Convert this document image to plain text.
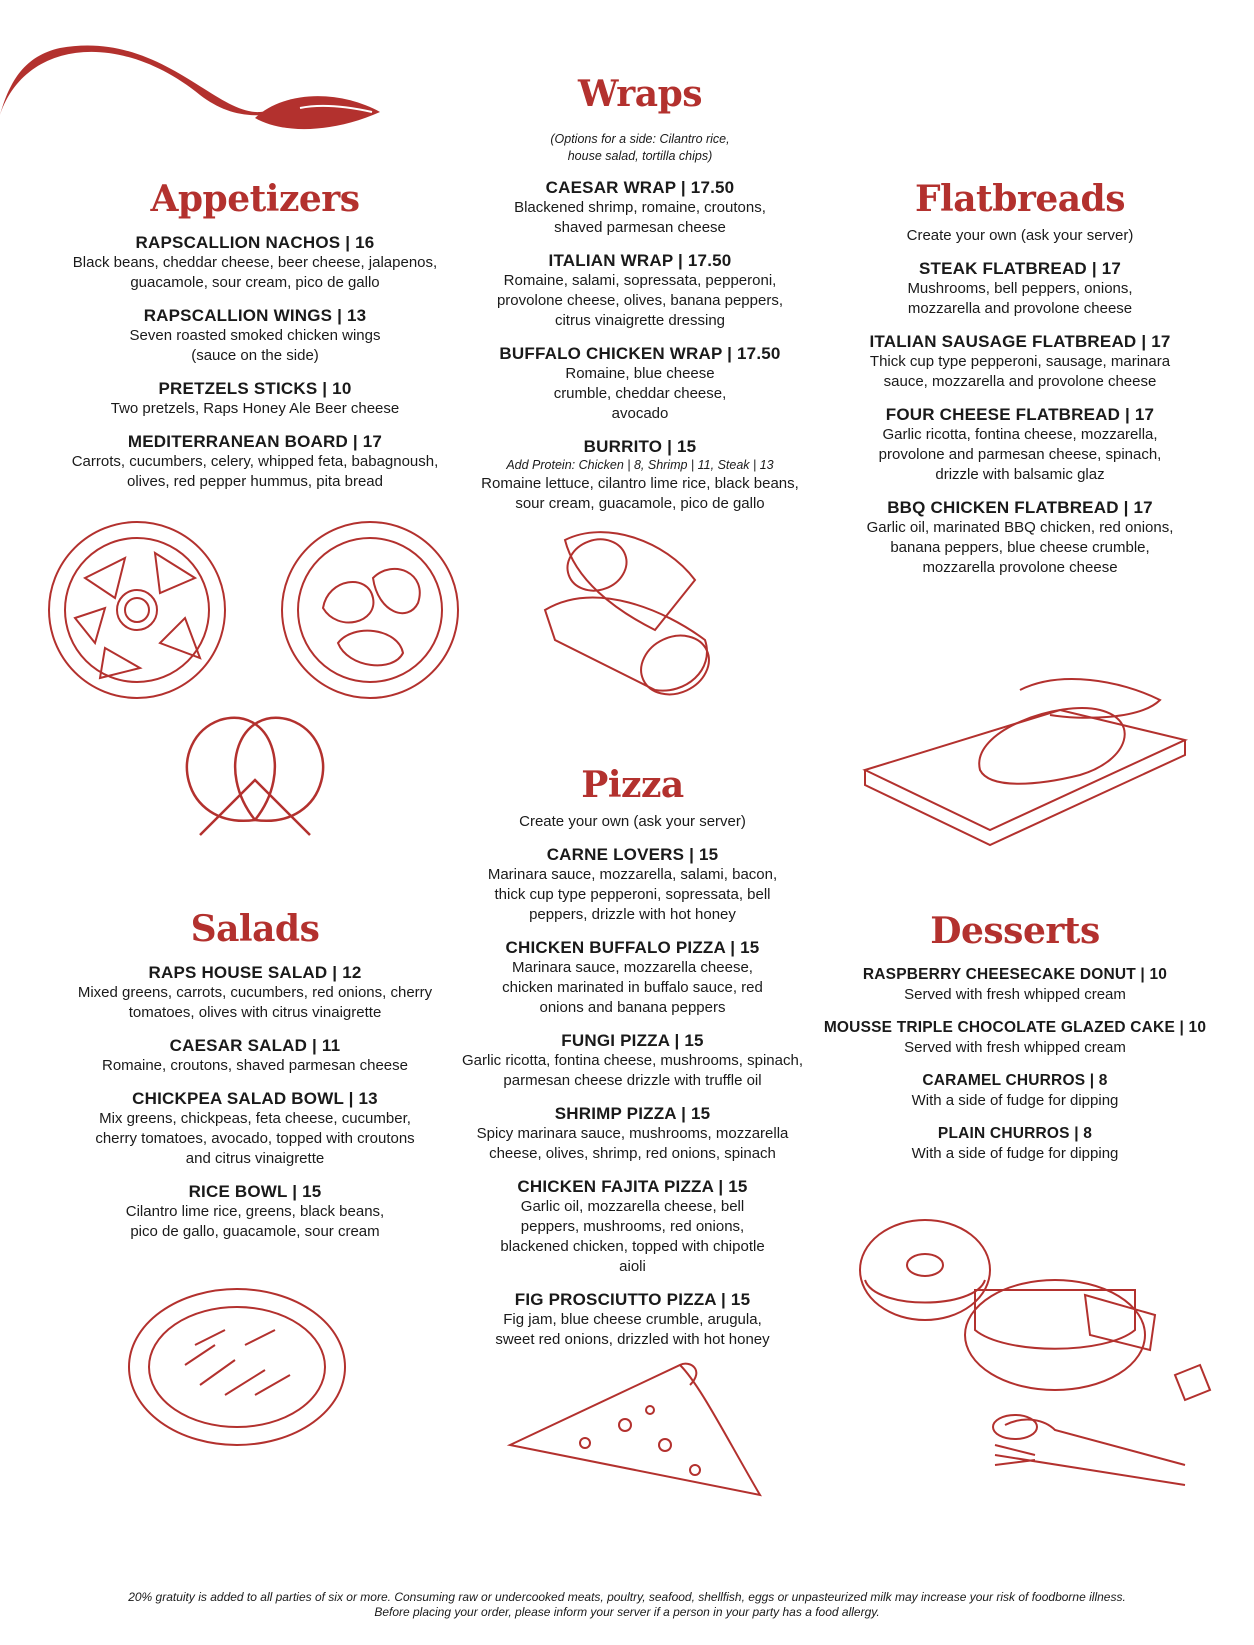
Appetizers
RAPSCALLION NACHOS | 16
Black beans, cheddar cheese, beer cheese, jalapenos, guacamole, sour cream, pico de gallo
RAPSCALLION WINGS | 13
Seven roasted smoked chicken wings (sauce on the side)
PRETZELS STICKS | 10
Two pretzels, Raps Honey Ale Beer cheese
MEDITERRANEAN BOARD | 17
Carrots, cucumbers, celery, whipped feta, babagnoush, olives, red pepper hummus, pita bread
Wraps
(Options for a side: Cilantro rice, house salad, tortilla chips)
CAESAR WRAP | 17.50
Blackened shrimp, romaine, croutons, shaved parmesan cheese
ITALIAN WRAP | 17.50
Romaine, salami, sopressata, pepperoni, provolone cheese, olives, banana peppers, citrus vinaigrette dressing
BUFFALO CHICKEN WRAP | 17.50
Romaine, blue cheese crumble, cheddar cheese, avocado
BURRITO | 15
Add Protein: Chicken | 8, Shrimp | 11, Steak | 13
Romaine lettuce, cilantro lime rice, black beans, sour cream, guacamole, pico de gallo
Flatbreads
Create your own (ask your server)
STEAK FLATBREAD | 17
Mushrooms, bell peppers, onions, mozzarella and provolone cheese
ITALIAN SAUSAGE FLATBREAD | 17
Thick cup type pepperoni, sausage, marinara sauce, mozzarella and provolone cheese
FOUR CHEESE FLATBREAD | 17
Garlic ricotta, fontina cheese, mozzarella, provolone and parmesan cheese, spinach, drizzle with balsamic glaz
BBQ CHICKEN FLATBREAD | 17
Garlic oil, marinated BBQ chicken, red onions, banana peppers, blue cheese crumble, mozzarella provolone cheese
Pizza
Create your own (ask your server)
CARNE LOVERS | 15
Marinara sauce, mozzarella, salami, bacon, thick cup type pepperoni, sopressata, bell peppers, drizzle with hot honey
CHICKEN BUFFALO PIZZA | 15
Marinara sauce, mozzarella cheese, chicken marinated in buffalo sauce, red onions and banana peppers
FUNGI PIZZA | 15
Garlic ricotta, fontina cheese, mushrooms, spinach, parmesan cheese drizzle with truffle oil
SHRIMP PIZZA | 15
Spicy marinara sauce, mushrooms, mozzarella cheese, olives, shrimp, red onions, spinach
CHICKEN FAJITA PIZZA | 15
Garlic oil, mozzarella cheese, bell peppers, mushrooms, red onions, blackened chicken, topped with chipotle aioli
FIG PROSCIUTTO PIZZA | 15
Fig jam, blue cheese crumble, arugula, sweet red onions, drizzled with hot honey
Salads
RAPS HOUSE SALAD | 12
Mixed greens, carrots, cucumbers, red onions, cherry tomatoes, olives with citrus vinaigrette
CAESAR SALAD | 11
Romaine, croutons, shaved parmesan cheese
CHICKPEA SALAD BOWL | 13
Mix greens, chickpeas, feta cheese, cucumber, cherry tomatoes, avocado, topped with croutons and citrus vinaigrette
RICE BOWL | 15
Cilantro lime rice, greens, black beans, pico de gallo, guacamole, sour cream
Desserts
RASPBERRY CHEESECAKE DONUT | 10
Served with fresh whipped cream
MOUSSE TRIPLE CHOCOLATE GLAZED CAKE | 10
Served with fresh whipped cream
CARAMEL CHURROS | 8
With a side of fudge for dipping
PLAIN CHURROS | 8
With a side of fudge for dipping
20% gratuity is added to all parties of six or more. Consuming raw or undercooked meats, poultry, seafood, shellfish, eggs or unpasteurized milk may increase your risk of foodborne illness.
Before placing your order, please inform your server if a person in your party has a food allergy.
